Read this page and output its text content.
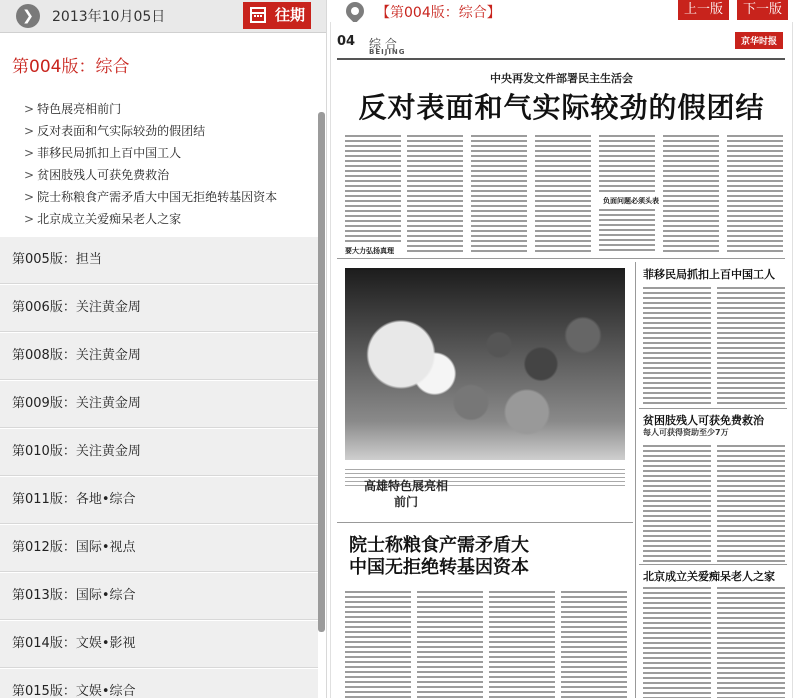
❯	2013年10月05日	往期
第004版：综合
> 特色展亮相前门
> 反对表面和气实际较劲的假团结
> 菲移民局抓扣上百中国工人
> 贫困肢残人可获免费救治
> 院士称粮食产需矛盾大中国无拒绝转基因资本
> 北京成立关爱痴呆老人之家
第005版：担当
第006版：关注黄金周
第008版：关注黄金周
第009版：关注黄金周
第010版：关注黄金周
第011版：各地•综合
第012版：国际•视点
第013版：国际•综合
第014版：文娱•影视
第015版：文娱•综合
【第004版：综合】	上一版	下一版
04 综 合
BEIJING
京华时报
中央再发文件部署民主生活会
反对表面和气实际较劲的假团结
要大力弘扬真理
负面问题必须头表
高雄特色展亮相前门
院士称粮食产需矛盾大
中国无拒绝转基因资本
菲移民局抓扣上百中国工人
贫困肢残人可获免费救治
每人可获得资助至少7万
北京成立关爱痴呆老人之家
